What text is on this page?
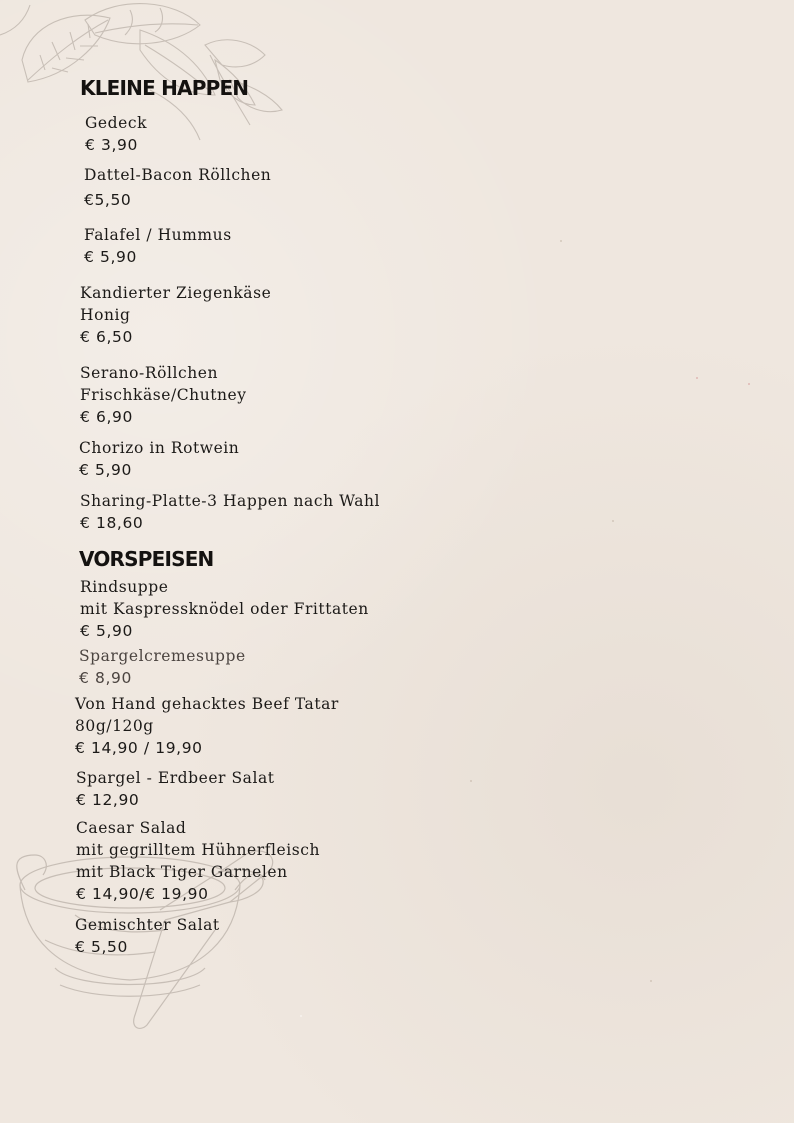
KLEINE HAPPEN
Gedeck
€ 3,90
Dattel-Bacon Röllchen
€5,50
Falafel / Hummus
€ 5,90
Kandierter Ziegenkäse
Honig
€ 6,50
Serano-Röllchen
Frischkäse/Chutney
€ 6,90
Chorizo in Rotwein
€ 5,90
Sharing-Platte-3 Happen nach Wahl
€ 18,60
VORSPEISEN
Rindsuppe
mit Kaspressknödel oder Frittaten
€ 5,90
Spargelcremesuppe
€ 8,90
Von Hand gehacktes Beef Tatar
80g/120g
€ 14,90 / 19,90
Spargel - Erdbeer Salat
€ 12,90
Caesar Salad
mit gegrilltem Hühnerfleisch
mit Black Tiger Garnelen
€ 14,90/€ 19,90
Gemischter Salat
€ 5,50
